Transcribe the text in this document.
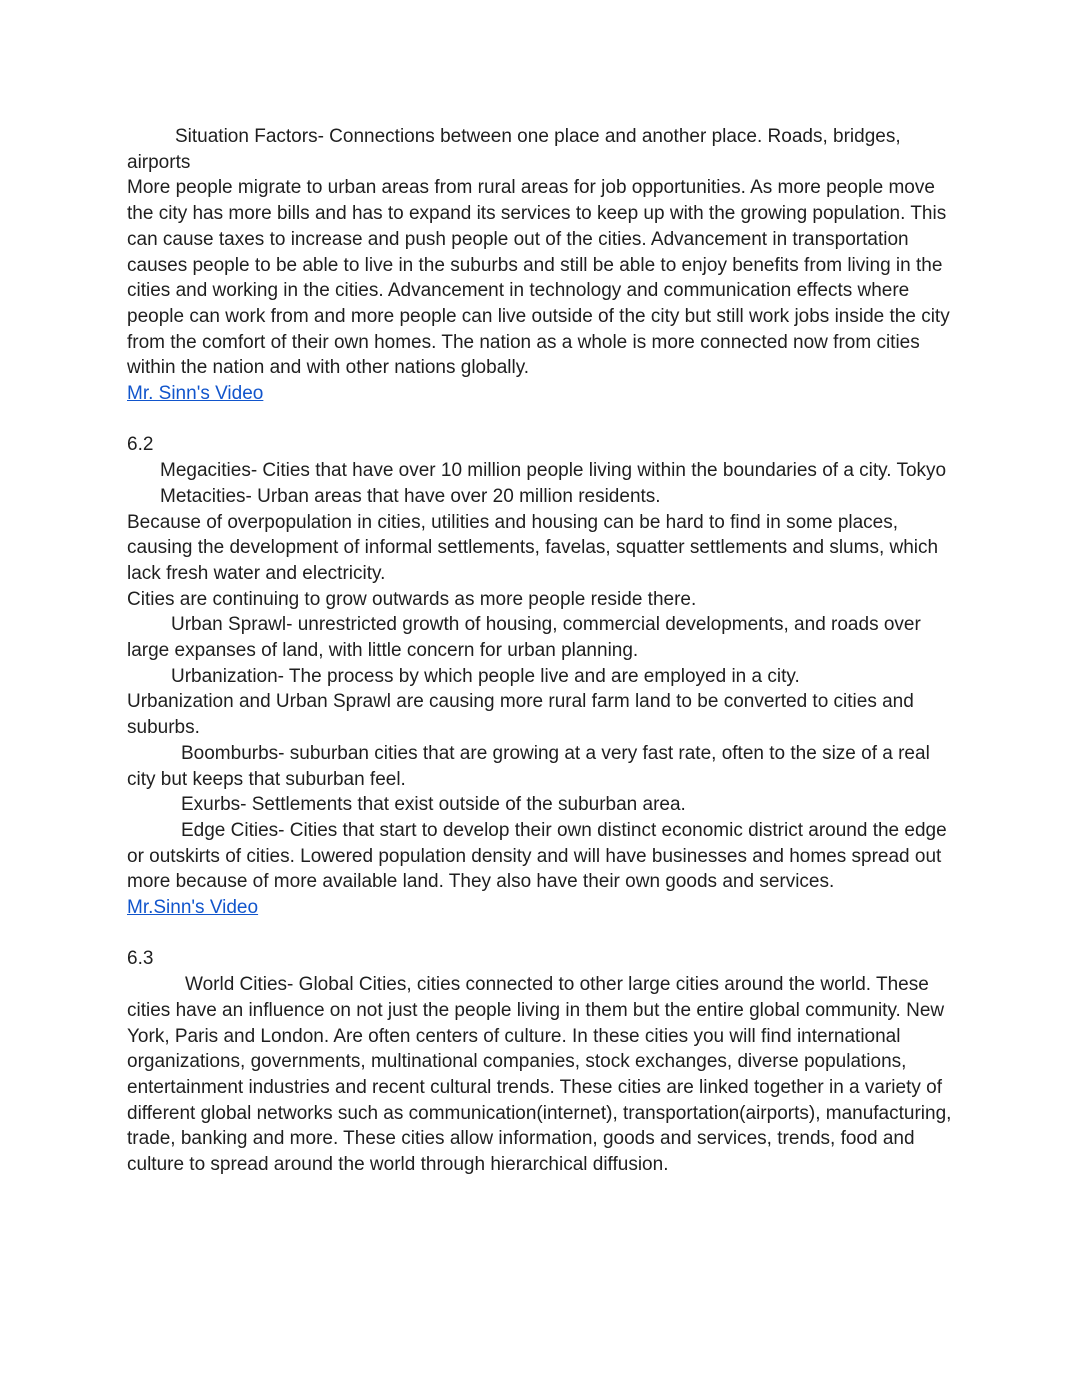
Situation Factors- Connections between one place and another place. Roads, bridges, airports

More people migrate to urban areas from rural areas for job opportunities. As more people move the city has more bills and has to expand its services to keep up with the growing population. This can cause taxes to increase and push people out of the cities. Advancement in transportation causes people to be able to live in the suburbs and still be able to enjoy benefits from living in the cities and working in the cities. Advancement in technology and communication effects where people can work from and more people can live outside of the city but still work jobs inside the city from the comfort of their own homes. The nation as a whole is more connected now from cities within the nation and with other nations globally.

Mr. Sinn's Video

6.2

Megacities- Cities that have over 10 million people living within the boundaries of a city. Tokyo

Metacities- Urban areas that have over 20 million residents.

Because of overpopulation in cities, utilities and housing can be hard to find in some places, causing the development of informal settlements, favelas, squatter settlements and slums, which lack fresh water and electricity.

Cities are continuing to grow outwards as more people reside there.

Urban Sprawl- unrestricted growth of housing, commercial developments, and roads over large expanses of land, with little concern for urban planning.

Urbanization- The process by which people live and are employed in a city.

Urbanization and Urban Sprawl are causing more rural farm land to be converted to cities and suburbs.

Boomburbs- suburban cities that are growing at a very fast rate, often to the size of a real city but keeps that suburban feel.

Exurbs- Settlements that exist outside of the suburban area.

Edge Cities- Cities that start to develop their own distinct economic district around the edge or outskirts of cities. Lowered population density and will have businesses and homes spread out more because of more available land. They also have their own goods and services.

Mr.Sinn's Video

6.3

World Cities- Global Cities, cities connected to other large cities around the world. These cities have an influence on not just the people living in them but the entire global community. New York, Paris and London. Are often centers of culture. In these cities you will find international organizations, governments, multinational companies, stock exchanges, diverse populations, entertainment industries and recent cultural trends. These cities are linked together in a variety of different global networks such as communication(internet), transportation(airports), manufacturing, trade, banking and more. These cities allow information, goods and services, trends, food and culture to spread around the world through hierarchical diffusion.
